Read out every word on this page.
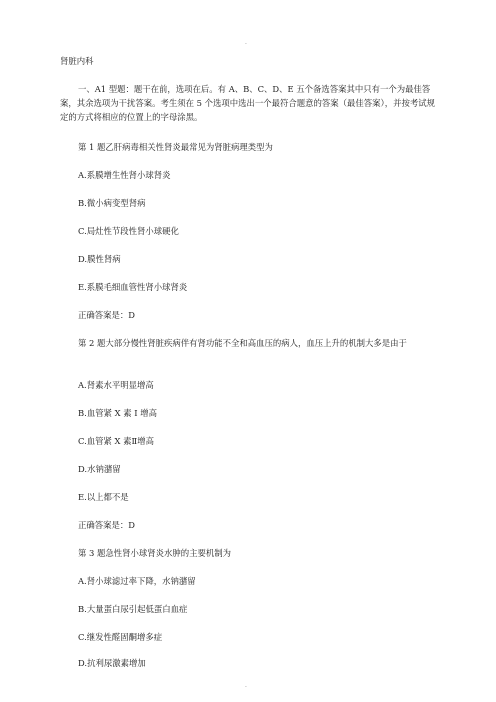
.
肾脏内科
一、A1 型题：题干在前，选项在后。有 A、B、C、D、E 五个备选答案其中只有一个为最佳答案，其余选项为干扰答案。考生须在 5 个选项中选出一个最符合题意的答案（最佳答案），并按考试规定的方式将相应的位置上的字母涂黑。
第 1 题乙肝病毒相关性肾炎最常见为肾脏病理类型为
A.系膜增生性肾小球肾炎
B.微小病变型肾病
C.局灶性节段性肾小球硬化
D.膜性肾病
E.系膜毛细血管性肾小球肾炎
正确答案是：D
第 2 题大部分慢性肾脏疾病伴有肾功能不全和高血压的病人，血压上升的机制大多是由于
A.肾素水平明显增高
B.血管紧 X 素 I 增高
C.血管紧 X 素Ⅱ增高
D.水钠潴留
E.以上都不是
正确答案是：D
第 3 题急性肾小球肾炎水肿的主要机制为
A.肾小球滤过率下降，水钠潴留
B.大量蛋白尿引起低蛋白血症
C.继发性醛固酮增多症
D.抗利尿激素增加
.
